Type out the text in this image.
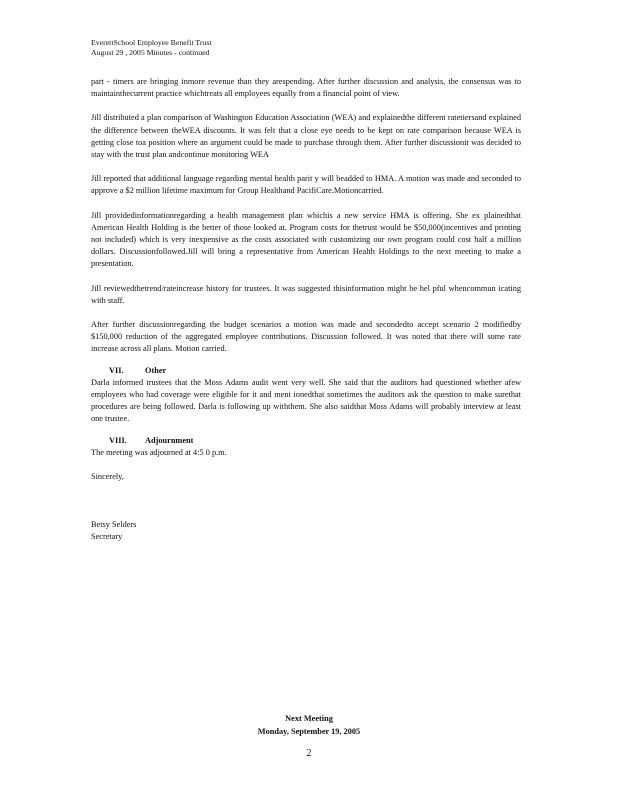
EverettSchool Employee Benefit Trust
August 29 , 2005 Minutes - continued

part - timers are bringing inmore revenue than they arespending. After further discussion and analysis, the consensus was to maintainthecurrent practice whichtreats all employees equally from a financial point of view.

Jill distributed a plan comparison of Washington Education Association (WEA) and explainedthe different ratetiersand explained the difference between theWEA discounts. It was felt that a close eye needs to be kept on rate comparison because WEA is getting close toa position where an argument could be made to purchase through them. After further discussionit was decided to stay with the trust plan andcontinue monitoring WEA

Jill reported that additional language regarding mental health parit y will beadded to HMA. A motion was made and seconded to approve a $2 million lifetime maximum for Group Healthand PacifiCare.Motioncarried.

Jill providedinformationregarding a health management plan whichis a new service HMA is offering. She ex plainedthat American Health Holding is the better of those looked at. Program costs for thetrust would be $50,000(incentives and printing not included) which is very inexpensive as the costs associated with customizing our own program could cost half a million dollars. Discussionfollowed.Jill will bring a representative from American Health Holdings to the next meeting to make a presentation.

Jill reviewedthetrend/rateincrease history for trustees. It was suggested thisinformation might be hel pful whencommun icating with staff.

After further discussionregarding the budget scenarios a motion was made and secondedto accept scenario 2 modifiedby $150,000 reduction of the aggregated employee contributions. Discussion followed. It was noted that there will some rate increase across all plans. Motion carried.

VII.	Other

Darla informed trustees that the Moss Adams audit went very well. She said that the auditors had questioned whether afew employees who had coverage were eligible for it and ment ionedthat sometimes the auditors ask the question to make surethat procedures are being followed. Darla is following up withthem. She also saidthat Moss Adams will probably interview at least one trustee.

VIII. Adjournment

The meeting was adjourned at 4:5 0 p.m.

Sincerely,
Betsy Selders
Secretary
Next Meeting
Monday, September 19, 2005
2
